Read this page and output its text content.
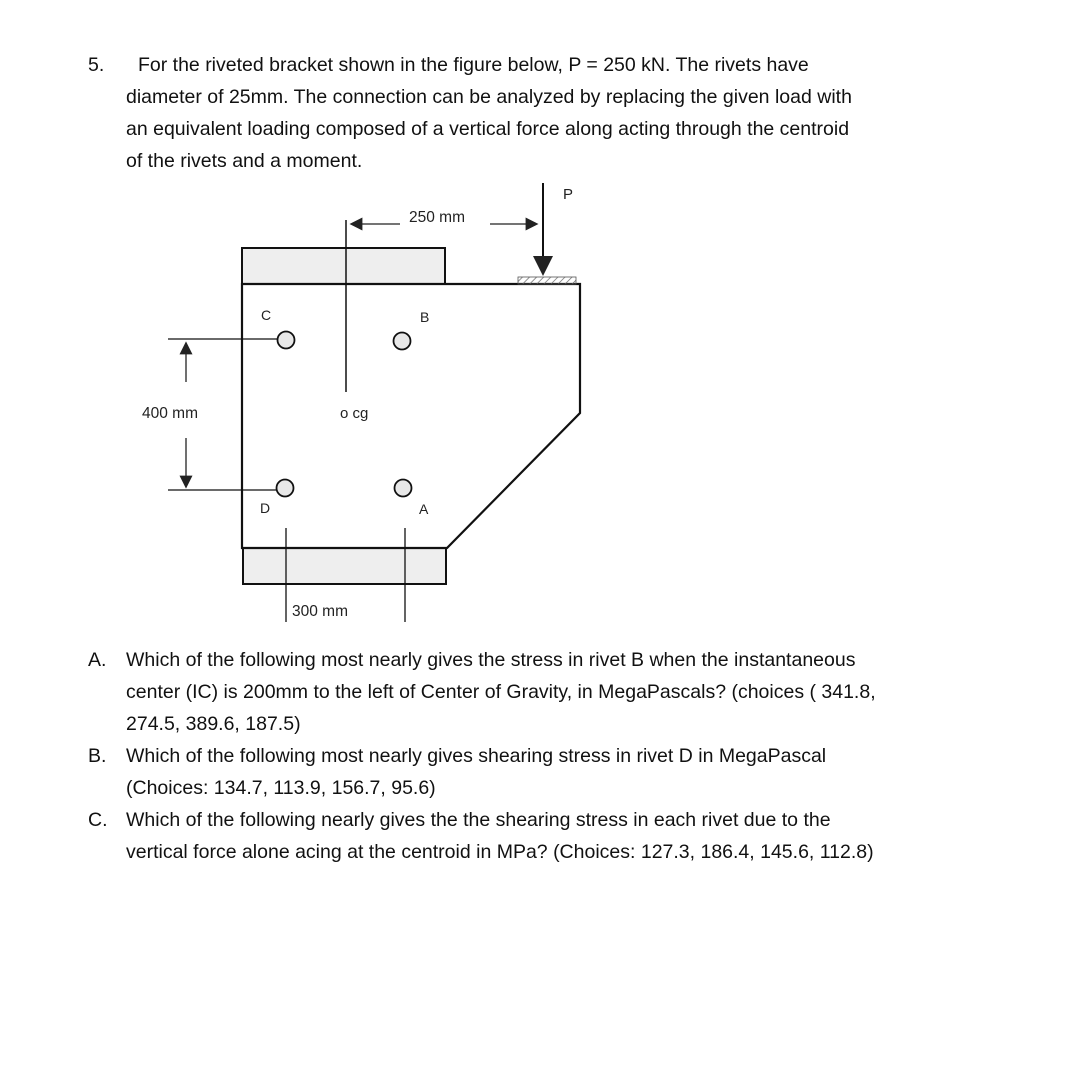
5. For the riveted bracket shown in the figure below, P = 250 kN. The rivets have
diameter of 25mm. The connection can be analyzed by replacing the given load with
an equivalent loading composed of a vertical force along acting through the centroid
of the rivets and a moment.
P
250 mm
400 mm
C	B
D	A
o cg
300 mm
A. Which of the following most nearly gives the stress in rivet B when the instantaneous
center (IC) is 200mm to the left of Center of Gravity, in MegaPascals? (choices ( 341.8,
274.5, 389.6, 187.5)
B. Which of the following most nearly gives shearing stress in rivet D in MegaPascal
(Choices: 134.7, 113.9, 156.7, 95.6)
C. Which of the following nearly gives the the shearing stress in each rivet due to the
vertical force alone acing at the centroid in MPa? (Choices: 127.3, 186.4, 145.6, 112.8)
